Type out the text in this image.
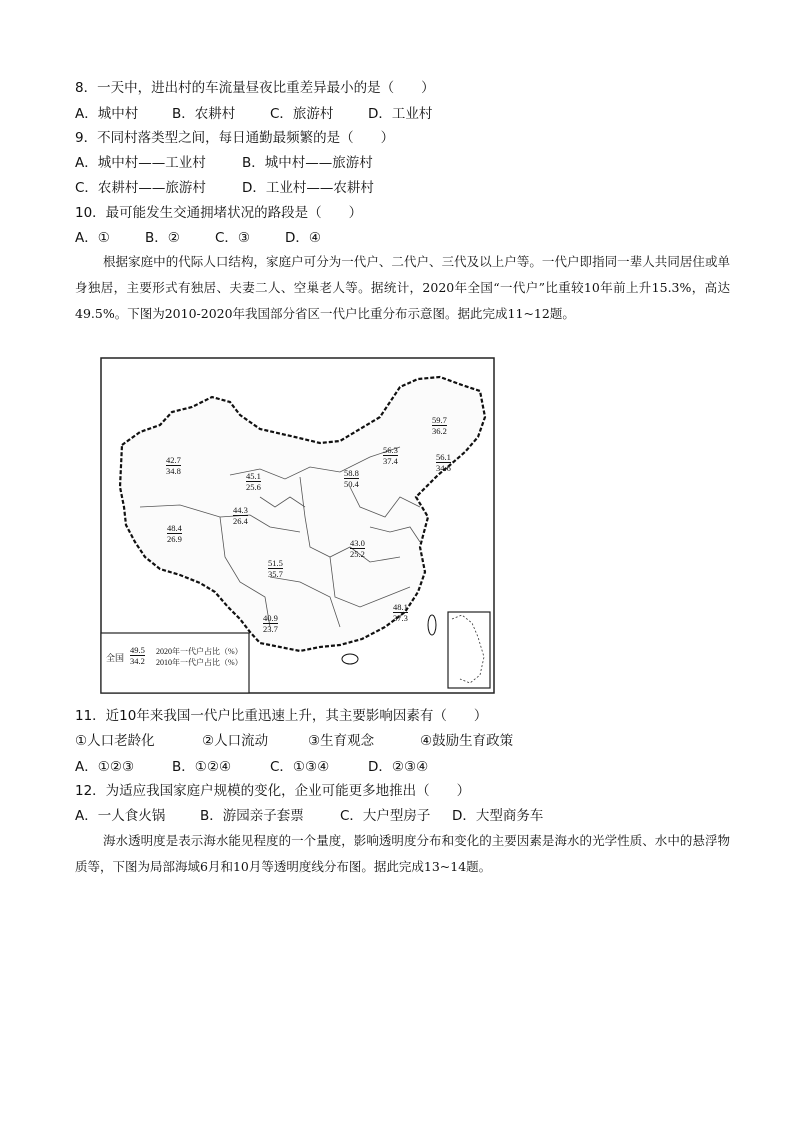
8．一天中，进出村的车流量昼夜比重差异最小的是（　　）
A．城中村	B．农耕村	C．旅游村	D．工业村
9．不同村落类型之间，每日通勤最频繁的是（　　）
A．城中村——工业村	B．城中村——旅游村
C．农耕村——旅游村	D．工业村——农耕村
10．最可能发生交通拥堵状况的路段是（　　）
A．①	B．②	C．③	D．④
根据家庭中的代际人口结构，家庭户可分为一代户、二代户、三代及以上户等。一代户即指同一辈人共同居住或单身独居，主要形式有独居、夫妻二人、空巢老人等。据统计，2020年全国“一代户”比重较10年前上升15.3%，高达49.5%。下图为2010-2020年我国部分省区一代户比重分布示意图。据此完成11~12题。
59.7
36.2
56.3
37.4	56.1
34.6
42.7
34.8	45.1
25.6
58.8
50.4
44.3
26.4
48.4
26.9	43.0
25.2
51.5
35.7
48.1
37.3
40.9
23.7
全国
49.5
34.2
2020年一代户占比（%）
2010年一代户占比（%）
11．近10年来我国一代户比重迅速上升，其主要影响因素有（　　）
①人口老龄化	②人口流动	③生育观念	④鼓励生育政策
A．①②③	B．①②④	C．①③④	D．②③④
12．为适应我国家庭户规模的变化，企业可能更多地推出（　　）
A．一人食火锅	B．游园亲子套票	C．大户型房子 D．大型商务车
海水透明度是表示海水能见程度的一个量度，影响透明度分布和变化的主要因素是海水的光学性质、水中的悬浮物质等，下图为局部海域6月和10月等透明度线分布图。据此完成13~14题。
